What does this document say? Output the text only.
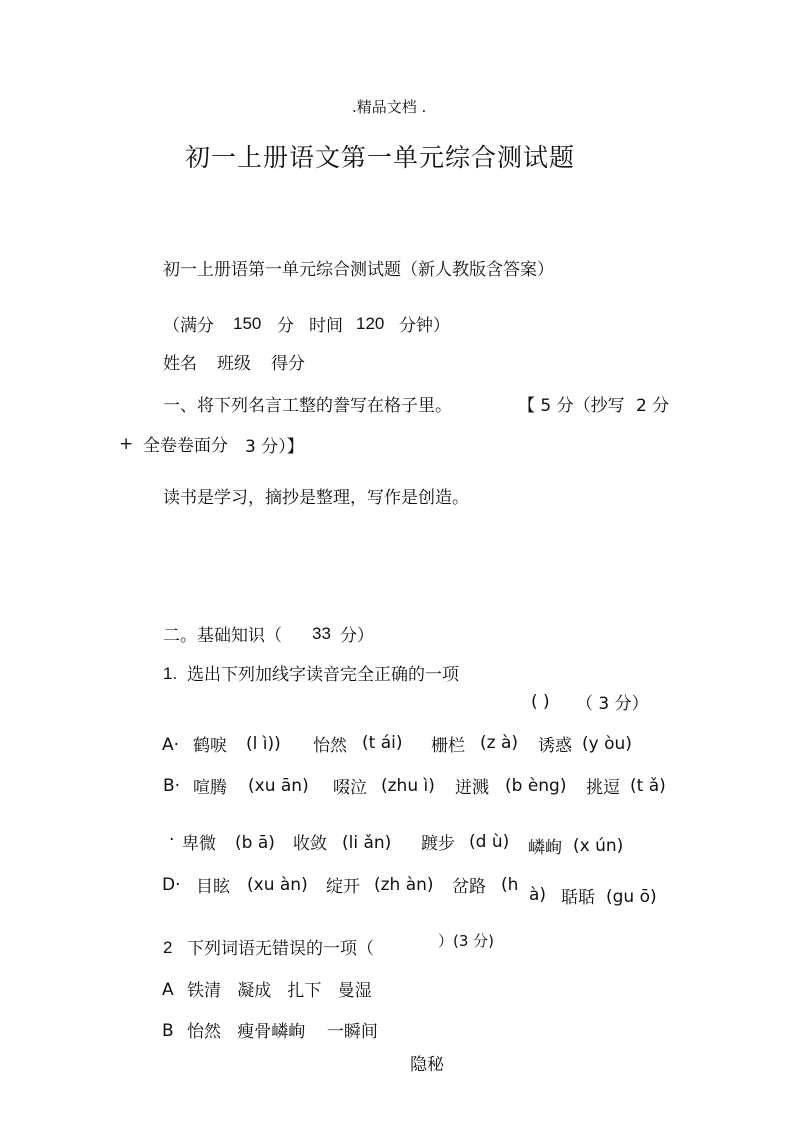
.精品文档 .
初一上册语文第一单元综合测试题
初一上册语第一单元综合测试题（新人教版含答案）
（满分 150 分 时间 120 分钟）
姓名 班级 得分
一、将下列名言工整的誊写在格子里。	【 5 分（抄写 2 分
+ 全卷卷面分 3 分）】
读书是学习，摘抄是整理，写作是创造。
二。基础知识（ 33 分）
1. 选出下列加线字读音完全正确的一项
( ) （ 3 分）
A· 鹤唳 (l ì)) 怡然 (t ái) 栅栏 (z à) 诱惑 (y òu)
B· 喧腾 (xu ān) 啜泣 (zhu ì) 迸溅 (b èng) 挑逗 (t ǎ)
· 卑微 (b ā) 收敛 (li ǎn) 踱步 (d ù) 嶙峋 (x ún)
D· 目眩 (xu àn) 绽开 (zh àn) 岔路 (h à) 聒聒 (gu ō)
2 下列词语无错误的一项（	）(3 分)
A 铁清   凝成   扎下   曼湿
B 怡然   瘦骨嶙峋    一瞬间
隐秘
